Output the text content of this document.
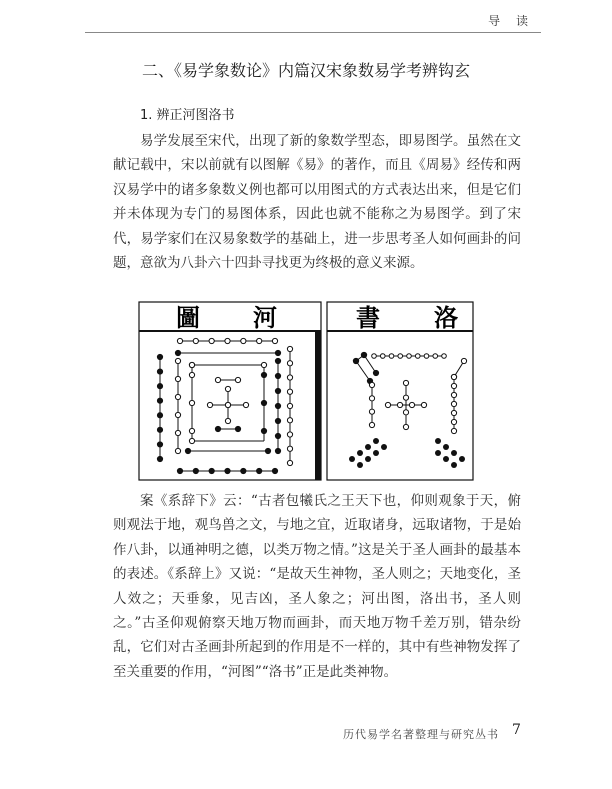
导 读
二、《易学象数论》内篇汉宋象数易学考辨钩玄
1. 辨正河图洛书

易学发展至宋代，出现了新的象数学型态，即易图学。虽然在文献记载中，宋以前就有以图解《易》的著作，而且《周易》经传和两汉易学中的诸多象数义例也都可以用图式的方式表达出来，但是它们并未体现为专门的易图体系，因此也就不能称之为易图学。到了宋代，易学家们在汉易象数学的基础上，进一步思考圣人如何画卦的问题，意欲为八卦六十四卦寻找更为终极的意义来源。

圖 河	書 洛

案《系辞下》云：“古者包犧氏之王天下也，仰则观象于天，俯则观法于地，观鸟兽之文，与地之宜，近取诸身，远取诸物，于是始作八卦，以通神明之德，以类万物之情。”这是关于圣人画卦的最基本的表述。《系辞上》又说：“是故天生神物，圣人则之；天地变化，圣人效之；天垂象，见吉凶，圣人象之；河出图，洛出书，圣人则之。”古圣仰观俯察天地万物而画卦，而天地万物千差万别，错杂纷乱，它们对古圣画卦所起到的作用是不一样的，其中有些神物发挥了至关重要的作用，“河图”“洛书”正是此类神物。

历代易学名著整理与研究丛书 7
